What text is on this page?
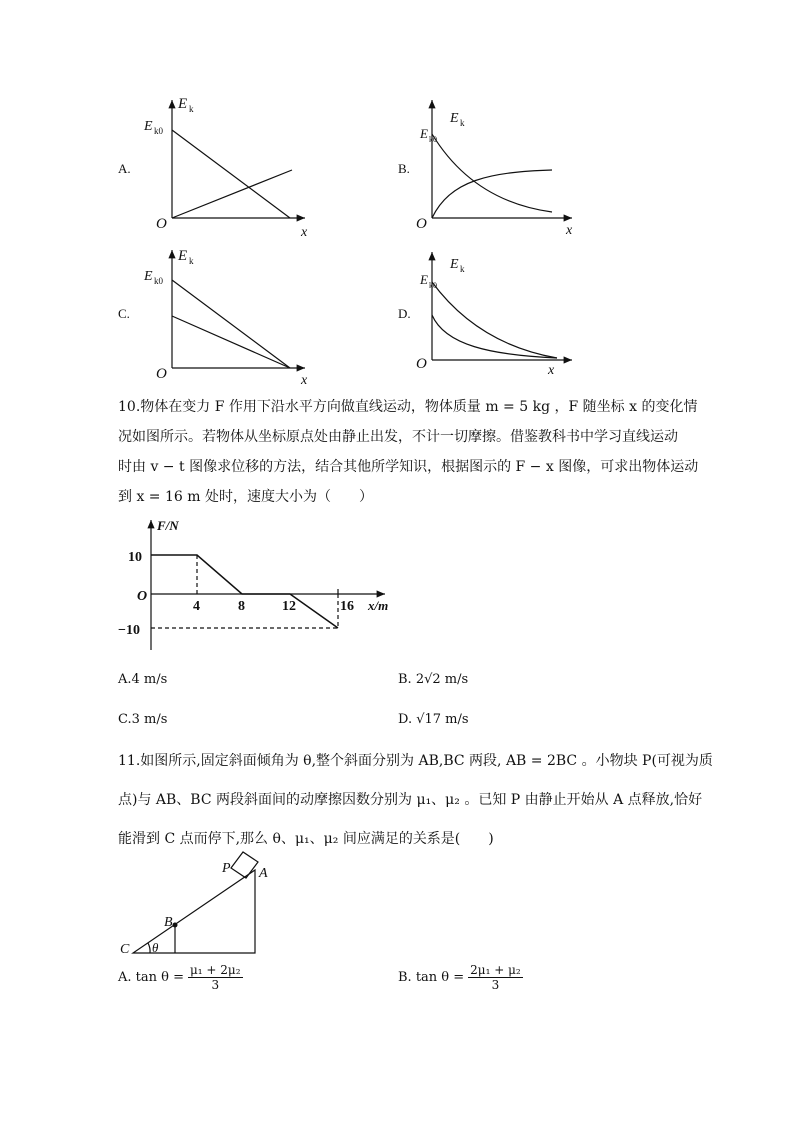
A.
E k
E k0
O
x
B.
E k
E k0
O	x
C.
E k
E k0
O	x
D.
E k
E k0
O	x
F/N
10
−10
O
4	8	12	16 x/m
P A
B
C θ
10.物体在变力 F 作用下沿水平方向做直线运动，物体质量 m = 5 kg ，F 随坐标 x 的变化情
况如图所示。若物体从坐标原点处由静止出发，不计一切摩擦。借鉴教科书中学习直线运动
时由 v − t 图像求位移的方法，结合其他所学知识，根据图示的 F − x 图像，可求出物体运动
到 x = 16 m 处时，速度大小为（　　）
A.4 m/s	B. 2√2 m/s
C.3 m/s	D. √17 m/s
11.如图所示,固定斜面倾角为 θ,整个斜面分别为 AB,BC 两段, AB = 2BC 。小物块 P(可视为质
点)与 AB、BC 两段斜面间的动摩擦因数分别为 μ₁、μ₂ 。已知 P 由静止开始从 A 点释放,恰好
能滑到 C 点而停下,那么 θ、μ₁、μ₂ 间应满足的关系是(　　)
A. $\tan \theta = \frac{\text{μ₁ + 2μ₂}}{3}$	B. $\tan \theta = \frac{\text{2μ₁ + μ₂}}{3}$
